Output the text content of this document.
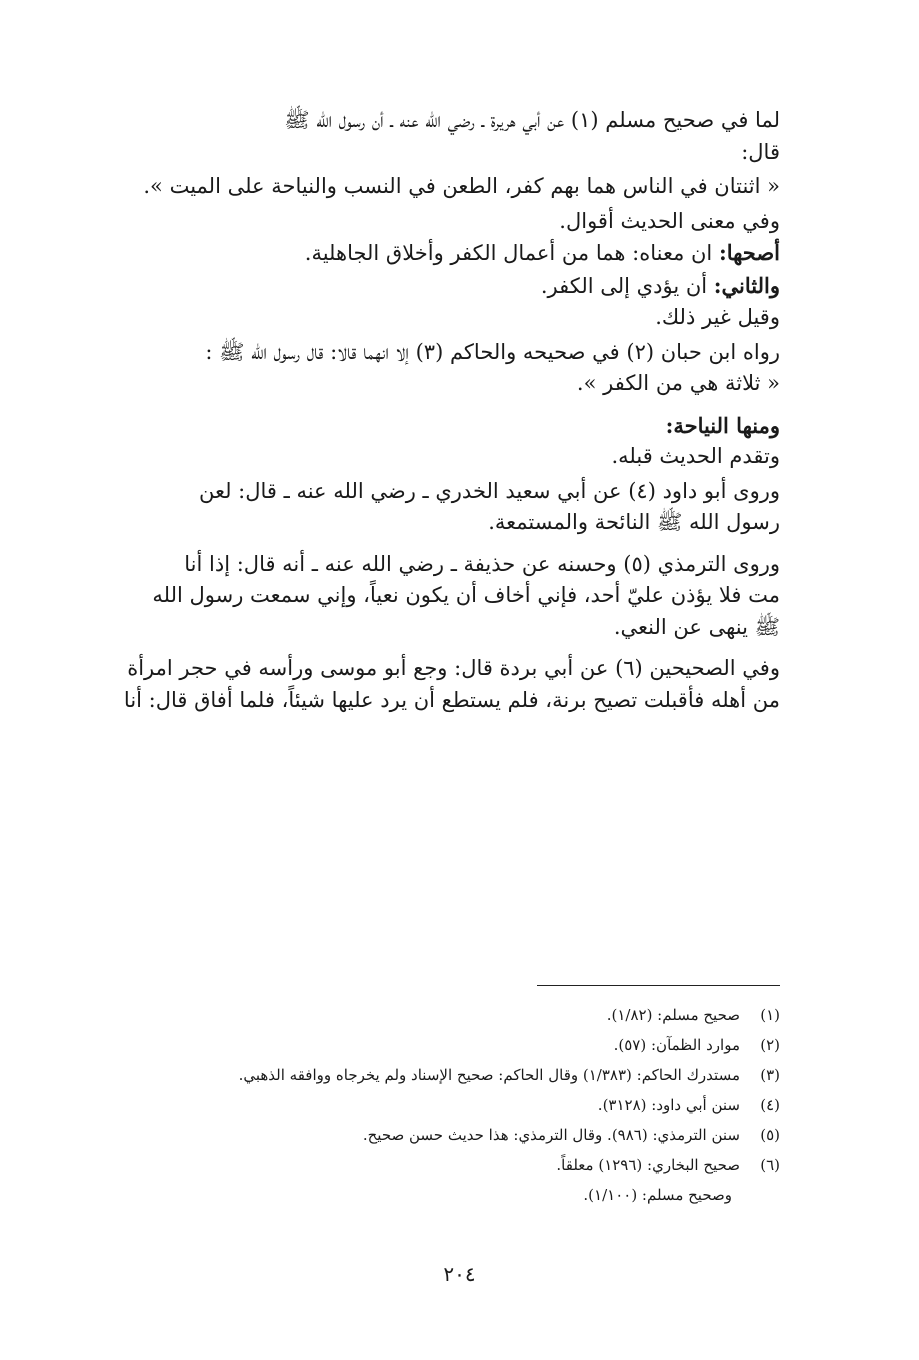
لما في صحيح مسلم (١) عن أبي هريرة ـ رضي الله عنه ـ أن رسول الله ﷺ

قال:

« اثنتان في الناس هما بهم كفر، الطعن في النسب والنياحة على الميت ».

وفي معنى الحديث أقوال.

أصحها: ان معناه: هما من أعمال الكفر وأخلاق الجاهلية.

والثاني: أن يؤدي إلى الكفر.

وقيل غير ذلك.

رواه ابن حبان (٢) في صحيحه والحاكم (٣) إلا انهما قالا: قال رسول الله ﷺ :

« ثلاثة هي من الكفر ».

ومنها النياحة:

وتقدم الحديث قبله.

وروى أبو داود (٤) عن أبي سعيد الخدري ـ رضي الله عنه ـ قال: لعن

رسول الله ﷺ النائحة والمستمعة.

وروى الترمذي (٥) وحسنه عن حذيفة ـ رضي الله عنه ـ أنه قال: إذا أنا

مت فلا يؤذن عليّ أحد، فإني أخاف أن يكون نعياً، وإني سمعت رسول الله

ﷺ ينهى عن النعي.

وفي الصحيحين (٦) عن أبي بردة قال: وجع أبو موسى ورأسه في حجر امرأة

من أهله فأقبلت تصيح برنة، فلم يستطع أن يرد عليها شيئاً، فلما أفاق قال: أنا

(١)صحيح مسلم: (١/٨٢).

(٢)موارد الظمآن: (٥٧).

(٣)مستدرك الحاكم: (١/٣٨٣) وقال الحاكم: صحيح الإسناد ولم يخرجاه ووافقه الذهبي.

(٤)سنن أبي داود: (٣١٢٨).

(٥)سنن الترمذي: (٩٨٦). وقال الترمذي: هذا حديث حسن صحيح.

(٦)صحيح البخاري: (١٢٩٦) معلقاً.

وصحيح مسلم: (١/١٠٠).

٢٠٤
